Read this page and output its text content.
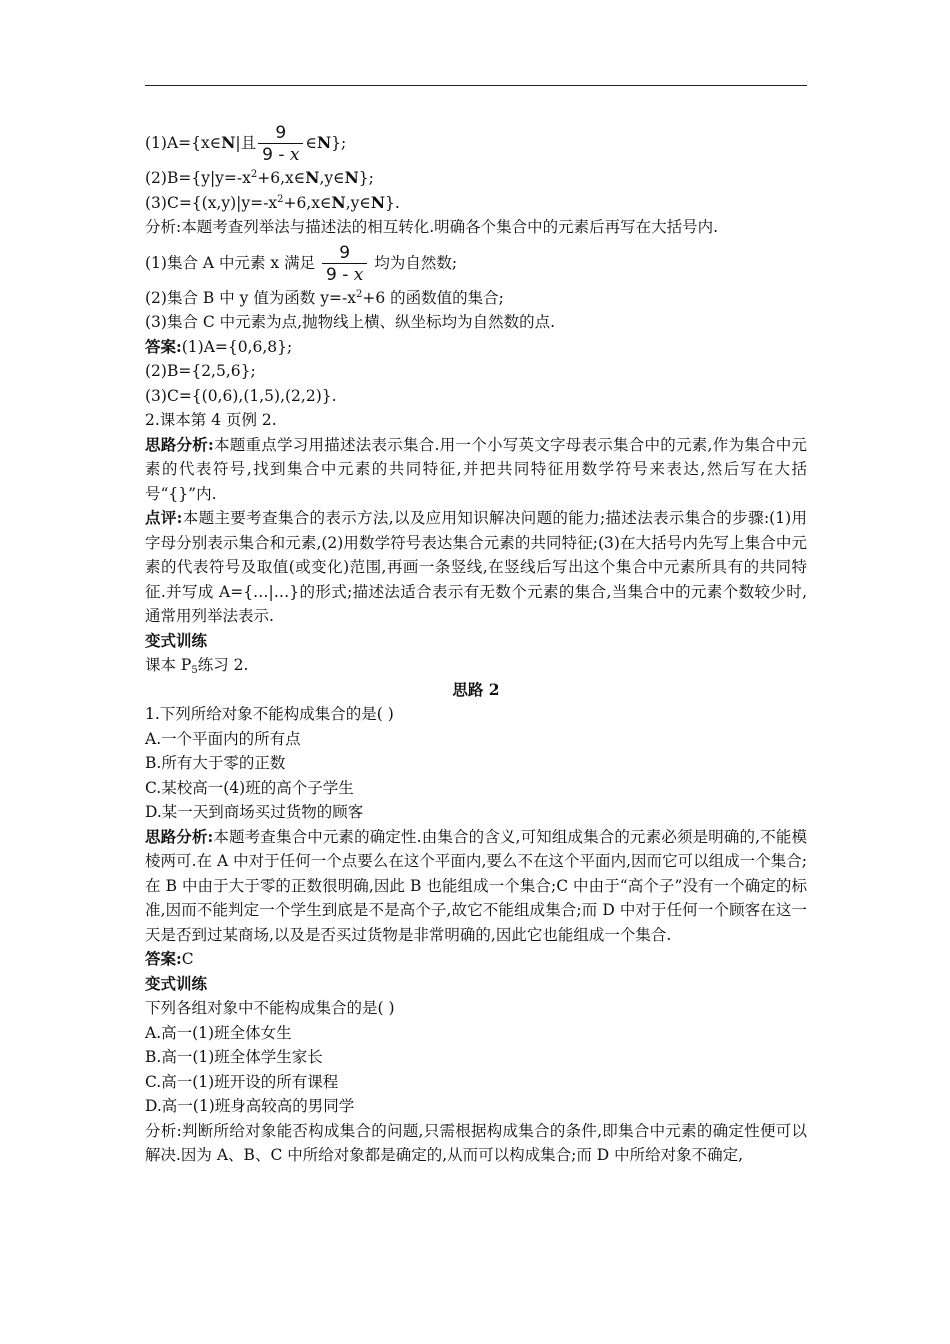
(1)A={x∈N|且 $\frac{9}{9 - x}$ ∈N};
$(2)B=\{y|y=-x^2+6,x\in N,y\in N\}$;
$(3)C=\{(x,y)|y=-x^2+6,x\in N,y\in N\}$.
分析:本题考查列举法与描述法的相互转化.明确各个集合中的元素后再写在大括号内.
(1)集合 A 中元素 x 满足 $\frac{9}{9 - x}$ 均为自然数;
(2)集合 B 中 y 值为函数 $y=-x^2+6$ 的函数值的集合;
(3)集合 C 中元素为点,抛物线上横、纵坐标均为自然数的点.
答案:(1)A={0,6,8};
(2)B={2,5,6};
(3)C={(0,6),(1,5),(2,2)}.
2.课本第 4 页例 2.
思路分析:本题重点学习用描述法表示集合.用一个小写英文字母表示集合中的元素,作为集合中元素的代表符号,找到集合中元素的共同特征,并把共同特征用数学符号来表达,然后写在大括号“{}”内.
点评:本题主要考查集合的表示方法,以及应用知识解决问题的能力;描述法表示集合的步骤:(1)用字母分别表示集合和元素,(2)用数学符号表达集合元素的共同特征;(3)在大括号内先写上集合中元素的代表符号及取值(或变化)范围,再画一条竖线,在竖线后写出这个集合中元素所具有的共同特征.并写成 A={…|…}的形式;描述法适合表示有无数个元素的集合,当集合中的元素个数较少时,通常用列举法表示.
变式训练
课本 $P_5$练习 2.
思路 2
1.下列所给对象不能构成集合的是( )
A.一个平面内的所有点
B.所有大于零的正数
C.某校高一(4)班的高个子学生
D.某一天到商场买过货物的顾客
思路分析:本题考查集合中元素的确定性.由集合的含义,可知组成集合的元素必须是明确的,不能模棱两可.在 A 中对于任何一个点要么在这个平面内,要么不在这个平面内,因而它可以组成一个集合;在 B 中由于大于零的正数很明确,因此 B 也能组成一个集合;C 中由于“高个子”没有一个确定的标准,因而不能判定一个学生到底是不是高个子,故它不能组成集合;而 D 中对于任何一个顾客在这一天是否到过某商场,以及是否买过货物是非常明确的,因此它也能组成一个集合.
答案:C
变式训练
下列各组对象中不能构成集合的是( )
A.高一(1)班全体女生
B.高一(1)班全体学生家长
C.高一(1)班开设的所有课程
D.高一(1)班身高较高的男同学
分析:判断所给对象能否构成集合的问题,只需根据构成集合的条件,即集合中元素的确定性便可以解决.因为 A、B、C 中所给对象都是确定的,从而可以构成集合;而 D 中所给对象不确定,
